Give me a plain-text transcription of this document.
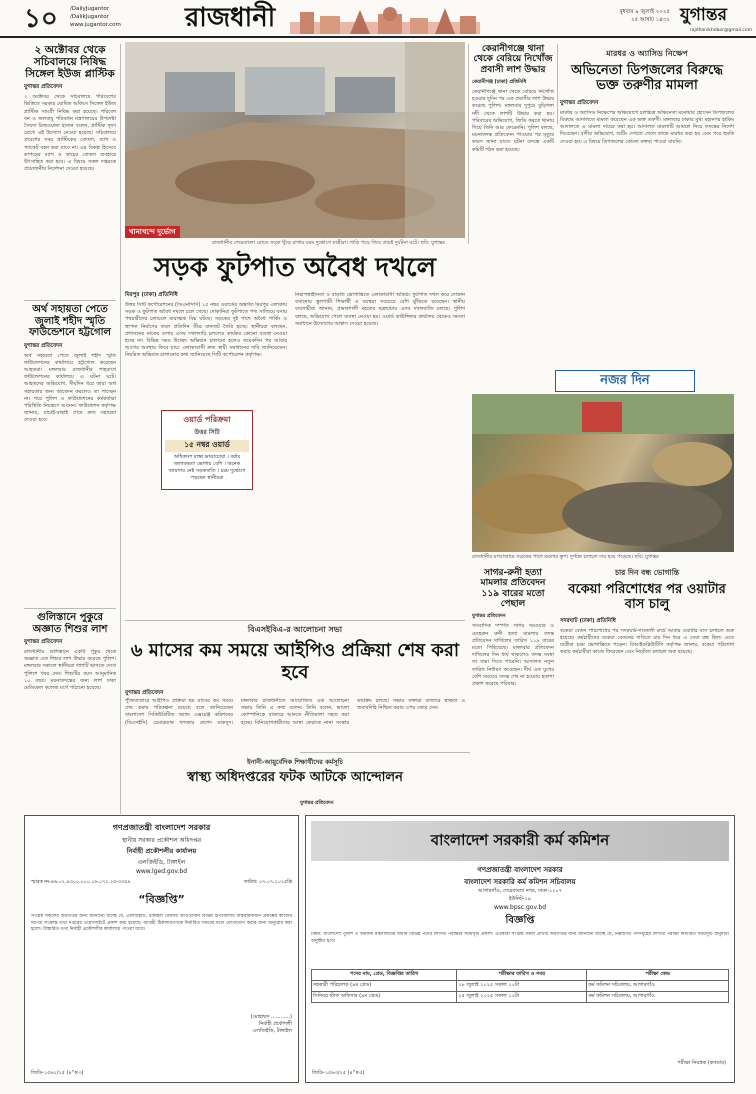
১০ /DailyJugantor
/DaiikJugantor
www.jugantor.com	রাজধানী	বুধবার ৯ জুলাই ২০২৫
২৫ আষাঢ় ১৪৩২ যুগান্তর
rajdhanikhobor@gmail.com
২ অক্টোবর থেকে সচিবালয়ে নিষিদ্ধ সিঙ্গেল ইউজ প্লাস্টিক
যুগান্তর প্রতিবেদন
২ অক্টোবর থেকে সচিবালয়ে পরিবেশের ভিত্তিতে সরকার ঘোষিত অফিসে সিঙ্গেল ইউজ প্লাস্টিক সামগ্রী নিষিদ্ধ করা হয়েছে। পরিবেশ বন ও জলবায়ু পরিবর্তন মন্ত্রণালয়ের উপদেষ্টা সৈয়দা রিজওয়ানা হাসান বলেন, প্লাস্টিক দূষণ রোধে এই উদ্যোগ নেওয়া হয়েছে। সচিবালয়ে প্রবেশের সময় প্লাস্টিকের বোতল, ব্যাগ ও প্যাকেট বহন করা যাবে না। এর বিকল্প হিসেবে কাপড়ের ব্যাগ ও কাচের বোতল ব্যবহারে উৎসাহিত করা হবে। এ বিষয়ে সকল দপ্তরকে প্রয়োজনীয় নির্দেশনা দেওয়া হয়েছে।
অর্থ সহায়তা পেতে জুলাই শহীদ স্মৃতি ফাউন্ডেশনে হট্টগোল
যুগান্তর প্রতিবেদন
অর্থ সহায়তা পেতে জুলাই শহীদ স্মৃতি ফাউন্ডেশনের কার্যালয়ে হট্টগোল করেছেন আহতরা। মঙ্গলবার রাজধানীর শাহবাগে ফাউন্ডেশনের কার্যালয়ে এ ঘটনা ঘটে। আহতদের অভিযোগ, দীর্ঘদিন ধরে তারা অর্থ সহায়তার জন্য আবেদন করলেও তা পাচ্ছেন না। পরে পুলিশ ও ফাউন্ডেশনের কর্মকর্তারা পরিস্থিতি নিয়ন্ত্রণে আনেন। ফাউন্ডেশন কর্তৃপক্ষ জানায়, যাচাই-বাছাই শেষে দ্রুত সহায়তা দেওয়া হবে।
গুলিস্তানে পুকুরে অজ্ঞাত শিশুর লাশ
যুগান্তর প্রতিবেদন
রাজধানীর গুলিস্তানে একটি পুকুর থেকে অজ্ঞাত এক শিশুর লাশ উদ্ধার করেছে পুলিশ। মঙ্গলবার সকালে স্থানীয়রা লাশটি ভাসতে দেখে পুলিশে খবর দেন। শিশুটির বয়স আনুমানিক ১০ বছর। ময়নাতদন্তের জন্য লাশ ঢাকা মেডিকেল কলেজ মর্গে পাঠানো হয়েছে।
খানাখন্দে দুর্ভোগ
রাজধানীর শেরেবাংলা রোডে সড়ক খুঁড়ে রাখায় চরম দুর্ভোগে যাত্রীরা। গাড়ি পড়ে গিয়ে প্রায়ই দুর্ঘটনা ঘটে। ছবি: যুগান্তর
কেরানীগঞ্জে থানা থেকে বেরিয়ে নিখোঁজ প্রবাসী লাশ উদ্ধার
কেরানীগঞ্জ (ঢাকা) প্রতিনিধি
কেরানীগঞ্জে থানা থেকে বেরিয়ে নিখোঁজ হওয়ার দুদিন পর এক প্রবাসীর লাশ উদ্ধার করেছে পুলিশ। মঙ্গলবার দুপুরে বুড়িগঙ্গা নদী থেকে লাশটি উদ্ধার করা হয়। পরিবারের অভিযোগ, জিডি করতে থানায় গিয়ে তিনি আর ফেরেননি। পুলিশ বলছে, ময়নাতদন্ত প্রতিবেদন পাওয়ার পর মৃত্যুর কারণ জানা যাবে। ঘটনা তদন্তে একটি কমিটি গঠন করা হয়েছে।
মারধর ও অ্যাসিড নিক্ষেপ
অভিনেতা ডিপজলের বিরুদ্ধে ভক্ত তরুণীর মামলা
যুগান্তর প্রতিবেদন
মারধর ও অ্যাসিড নিক্ষেপের অভিযোগে চলচ্চিত্র অভিনেতা মনোয়ার হোসেন ডিপজলের বিরুদ্ধে আদালতে মামলা করেছেন এক ভক্ত তরুণী। মঙ্গলবার ঢাকার মুখ্য মহানগর হাকিম আদালতে এ মামলা দায়ের করা হয়। আদালত মামলাটি আমলে নিয়ে তদন্তের নির্দেশ দিয়েছেন। বাদীর অভিযোগ, শুটিং দেখতে গেলে তাকে মারধর করা হয় এবং পরে হুমকি দেওয়া হয়। এ বিষয়ে ডিপজলের কোনো বক্তব্য পাওয়া যায়নি।
সড়ক ফুটপাত অবৈধ দখলে
মিরপুর (ঢাকা) প্রতিনিধি
উত্তর সিটি কর্পোরেশনের (ডিএনসিসি) ১৫ নম্বর ওয়ার্ডের অন্তর্গত মিরপুর এলাকায় সড়ক ও ফুটপাত অবৈধ দখলে চলে গেছে। দোকানিরা ফুটপাতে পণ্য সাজিয়ে বসায় পথচারীদের চলাচলে মারাত্মক বিঘ্ন ঘটছে। সড়কের দুই পাশে অবৈধ পার্কিং ও স্থাপনা নির্মাণের ফলে প্রতিদিন তীব্র যানজট তৈরি হচ্ছে। স্থানীয়রা বলছেন, প্রশাসনের নাকের ডগায় এসব দখলদারি চললেও কার্যকর কোনো ব্যবস্থা নেওয়া হচ্ছে না। বিভিন্ন সময় উচ্ছেদ অভিযান চালানো হলেও কয়েকদিন পর আবার আগের অবস্থায় ফিরে যায়। এলাকাবাসী দ্রুত স্থায়ী সমাধানের দাবি জানিয়েছেন। নিয়মিত অভিযান চালানোর কথা জানিয়েছে সিটি কর্পোরেশন কর্তৃপক্ষ।
ওয়ার্ড পরিক্রমা
উত্তর সিটি
১৫ নম্বর ওয়ার্ড
অধিকাংশ রাস্তা ভাঙাচোরা । বর্ষায় জলাবদ্ধতা ভোগায় বেশি । অনেক জায়গায় নেই সড়কবাতি । চরম দুর্ভোগে পড়ছেন স্থানীয়রা
নিরাপত্তাহীনতা ও বাড়তি ভোগান্তিতে এলাকাবাসী অতিষ্ঠ। ফুটপাত দখল করে দোকান বসানোয় স্কুলগামী শিক্ষার্থী ও বয়স্করা সবচেয়ে বেশি ঝুঁকিতে রয়েছেন। স্থানীয় ব্যবসায়ীরা জানান, প্রভাবশালী মহলের ছত্রছায়ায় এসব দখলবাজি চলছে। পুলিশ বলছে, অভিযোগ পেলে ব্যবস্থা নেওয়া হয়। ওয়ার্ড কাউন্সিলর কার্যালয় থেকেও সমস্যা সমাধানে উদ্যোগের আশ্বাস দেওয়া হয়েছে।
বিএসইবিএ-র আলোচনা সভা
৬ মাসের কম সময়ে আইপিও প্রক্রিয়া শেষ করা হবে
যুগান্তর প্রতিবেদন
পুঁজিবাজারে আইপিও প্রক্রিয়া ছয় মাসের কম সময়ে শেষ করার পরিকল্পনা রয়েছে বলে জানিয়েছেন বাংলাদেশ সিকিউরিটিজ অ্যান্ড এক্সচেঞ্জ কমিশনের (বিএসইসি) চেয়ারম্যান খন্দকার রাশেদ মাকসুদ। মঙ্গলবার রাজধানীতে আয়োজিত এক আলোচনা সভায় তিনি এ কথা বলেন। তিনি বলেন, ভালো কোম্পানিকে বাজারে আনতে নীতিমালা সহজ করা হচ্ছে। বিনিয়োগকারীদের আস্থা ফেরাতে নানা সংস্কার কার্যক্রম চলছে। সভায় বক্তারা বাজারে স্বচ্ছতা ও জবাবদিহি নিশ্চিত করার ওপর জোর দেন।
নজর দিন
রাজধানীর মগবাজারে সড়কের পাশে ময়লার স্তূপ। দুর্গন্ধে চলাচল দায় হয়ে পড়েছে। ছবি: যুগান্তর
সাগর-রুনী হত্যা মামলার প্রতিবেদন ১১৯ বারের মতো পেছাল
যুগান্তর প্রতিবেদন
সাংবাদিক দম্পতি সাগর সরওয়ার ও মেহেরুন রুনী হত্যা মামলার তদন্ত প্রতিবেদন দাখিলের তারিখ ১১৯ বারের মতো পিছিয়েছে। মঙ্গলবার প্রতিবেদন দাখিলের দিন ধার্য থাকলেও তদন্ত সংস্থা তা জমা দিতে পারেনি। আদালত নতুন তারিখ নির্ধারণ করেছেন। দীর্ঘ এক যুগের বেশি সময়েও তদন্ত শেষ না হওয়ায় হতাশা প্রকাশ করেছে পরিবার।
চার দিন বন্ধ ভোগান্তি
বকেয়া পরিশোধের পর ওয়াটার বাস চালু
সদরঘাট (ঢাকা) প্রতিনিধি
বকেয়া বেতন পরিশোধের পর সদরঘাট-গাবতলী রুটে আবার ওয়াটার বাস চলাচল শুরু হয়েছে। কর্মচারীদের বকেয়া বেতনের দাবিতে চার দিন ধরে এ সেবা বন্ধ ছিল। এতে যাত্রীরা চরম ভোগান্তিতে পড়েন। বিআইডব্লিউটিসি কর্তৃপক্ষ জানায়, বকেয়া পরিশোধ করায় কর্মচারীরা কাজে ফিরেছেন এবং নিয়মিত চলাচল শুরু হয়েছে।
ইনানী-আয়ুর্বেদিক শিক্ষার্থীদের কর্মসূচি
স্বাস্থ্য অধিদপ্তরের ফটক আটকে আন্দোলন
যুগান্তর প্রতিবেদন
গণপ্রজাতন্ত্রী বাংলাদেশ সরকার
স্থানীয় সরকার প্রকৌশল অধিদপ্তর
নির্বাহী প্রকৌশলীর কার্যালয়
এলজিইডি, টাঙ্গাইল
www.lged.gov.bd
স্মারক নং-৪৬.০২.৯৩০০.০০০.১৬.০৭২.২৫-৩৩৫৯	তারিখ: ০৭.০৭.২০২৫খ্রি
“বিজ্ঞপ্তি”
সংশ্লিষ্ট সকলের অবগতির জন্য জানানো যাচ্ছে যে, এলজিইডি, টাঙ্গাইল জেলার আওতাধীন বিভিন্ন উপজেলায় বাস্তবায়নাধীন প্রকল্পের কাজের দরপত্র সংক্রান্ত তথ্য দপ্তরের ওয়েবসাইটে প্রকাশ করা হয়েছে। আগ্রহী ঠিকাদারগণকে নির্ধারিত সময়ের মধ্যে যোগাযোগ করার জন্য অনুরোধ করা হলো। বিস্তারিত তথ্য নির্বাহী প্রকৌশলীর কার্যালয়ে পাওয়া যাবে।
(মোহাম্মদ ............)
নির্বাহী প্রকৌশলী
এলজিইডি, টাঙ্গাইল
জিডি-১৫৬১/২৫ (৪"×৩)
বাংলাদেশ সরকারী কর্ম কমিশন
গণপ্রজাতন্ত্রী বাংলাদেশ সরকার
বাংলাদেশ সরকারি কর্ম কমিশন সচিবালয়
আগারগাঁও, শেরেবাংলা নগর, ঢাকা-১২০৭
ইউনিট-১৯
www.bpsc.gov.bd
বিজ্ঞপ্তি
বিষয়: বাংলাদেশ পুলিশ ও অন্যান্য মন্ত্রণালয়ের অধীন বিভিন্ন পদের লিখিত পরীক্ষার সময়সূচি প্রকাশ। এতদ্বারা সংশ্লিষ্ট সকল প্রার্থীর অবগতির জন্য জানানো যাচ্ছে যে, নিম্নবর্ণিত পদসমূহের লিখিত পরীক্ষা নির্ধারিত সময়সূচি অনুযায়ী অনুষ্ঠিত হবে।
পদের নাম, গ্রেড, বিজ্ঞপ্তির তারিখ	পরীক্ষার তারিখ ও সময়	পরীক্ষা কেন্দ্র
সহকারী পরিচালক (৯ম গ্রেড)	১৮ জুলাই ২০২৫ সকাল ১০টা	কর্ম কমিশন সচিবালয়, আগারগাঁও
সিনিয়র স্টাফ অফিসার (৯ম গ্রেড)	২৫ জুলাই ২০২৫ সকাল ১০টা	কর্ম কমিশন সচিবালয়, আগারগাঁও
পরীক্ষা নিয়ন্ত্রক (ক্যাডার)
জিডি-১৫৬৩/২৫ (৪"×৫)
